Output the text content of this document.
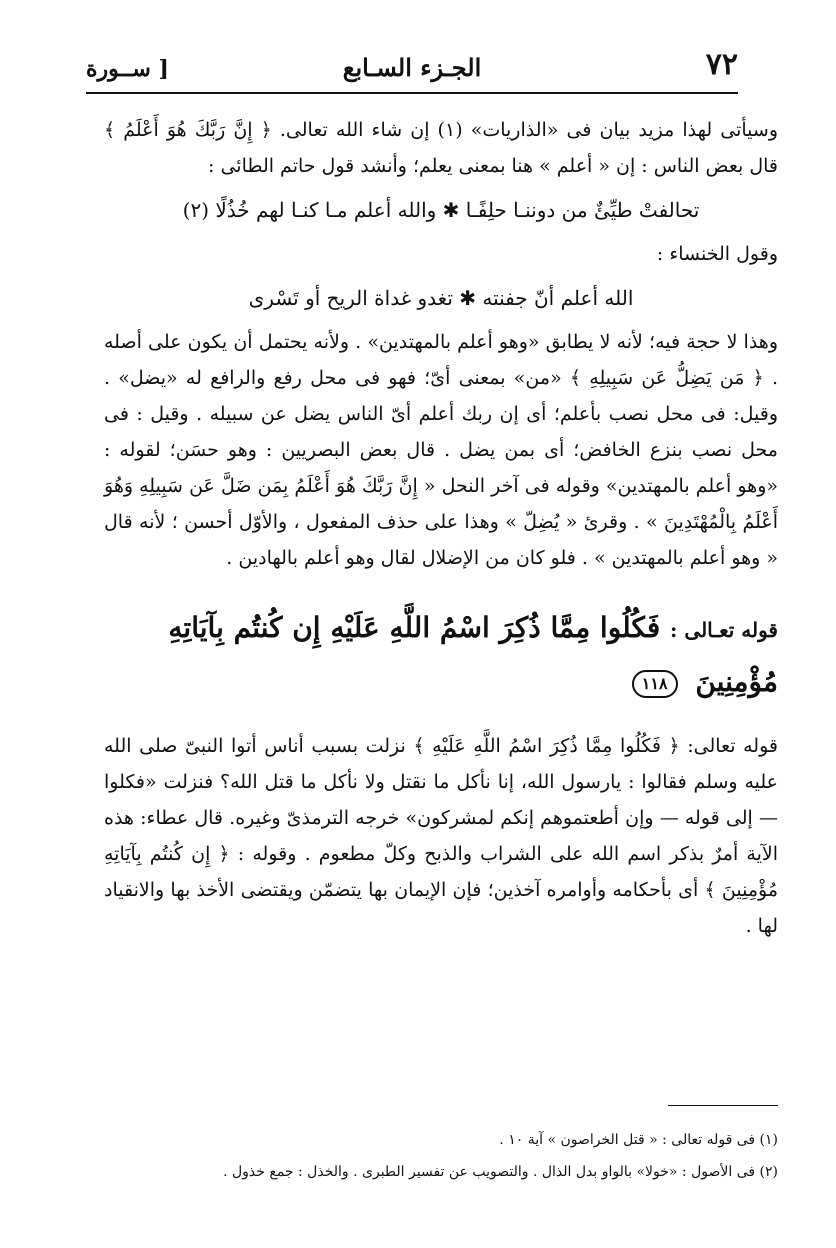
٧٢
الجـزء السـابع
[ ســورة

وسيأتى لهذا مزيد بيان فى «الذاريات» (١) إن شاء الله تعالى. ﴿ إِنَّ رَبَّكَ هُوَ أَعْلَمُ ﴾ قال بعض الناس : إن « أعلم » هنا بمعنى يعلم؛ وأنشد قول حاتم الطائى :

تحالفتْ طيِّئٌ من دوننـا حلِفًـا ✱ والله أعلم مـا كنـا لهم خُذُلًا (٢)

وقول الخنساء :

الله أعلم أنّ جفنته ✱ تغدو غداة الريح أو تَسْرى

وهذا لا حجة فيه؛ لأنه لا يطابق «وهو أعلم بالمهتدين» . ولأنه يحتمل أن يكون على أصله . ﴿ مَن يَضِلُّ عَن سَبِيلِهِ ﴾ «من» بمعنى أىّ؛ فهو فى محل رفع والرافع له «يضل» . وقيل: فى محل نصب بأعلم؛ أى إن ربك أعلم أىّ الناس يضل عن سبيله . وقيل : فى محل نصب بنزع الخافض؛ أى بمن يضل . قال بعض البصريين : وهو حسَن؛ لقوله : «وهو أعلم بالمهتدين» وقوله فى آخر النحل « إِنَّ رَبَّكَ هُوَ أَعْلَمُ بِمَن ضَلَّ عَن سَبِيلِهِ وَهُوَ أَعْلَمُ بِالْمُهْتَدِينَ » . وقرئ « يُضِلّ » وهذا على حذف المفعول ، والأوّل أحسن ؛ لأنه قال « وهو أعلم بالمهتدين » . فلو كان من الإضلال لقال وهو أعلم بالهادين .

قوله تعـالى : فَكُلُوا مِمَّا ذُكِرَ اسْمُ اللَّهِ عَلَيْهِ إِن كُنتُم بِآيَاتِهِ مُؤْمِنِينَ ١١٨

قوله تعالى: ﴿ فَكُلُوا مِمَّا ذُكِرَ اسْمُ اللَّهِ عَلَيْهِ ﴾ نزلت بسبب أناس أتوا النبىّ صلى الله عليه وسلم فقالوا : يارسول الله، إنا نأكل ما نقتل ولا نأكل ما قتل الله؟ فنزلت «فكلوا— إلى قوله — وإن أطعتموهم إنكم لمشركون» خرجه الترمذىّ وغيره. قال عطاء: هذه الآية أمرٌ بذكر اسم الله على الشراب والذبح وكلّ مطعوم . وقوله : ﴿ إِن كُنتُم بِآيَاتِهِ مُؤْمِنِينَ ﴾ أى بأحكامه وأوامره آخذين؛ فإن الإيمان بها يتضمّن ويقتضى الأخذ بها والانقياد لها .

(١) فى قوله تعالى : « قتل الخراصون » آية ١٠ .
(٢) فى الأصول : «خولا» بالواو بدل الذال . والتصويب عن تفسير الطبرى . والخذل : جمع خذول .
